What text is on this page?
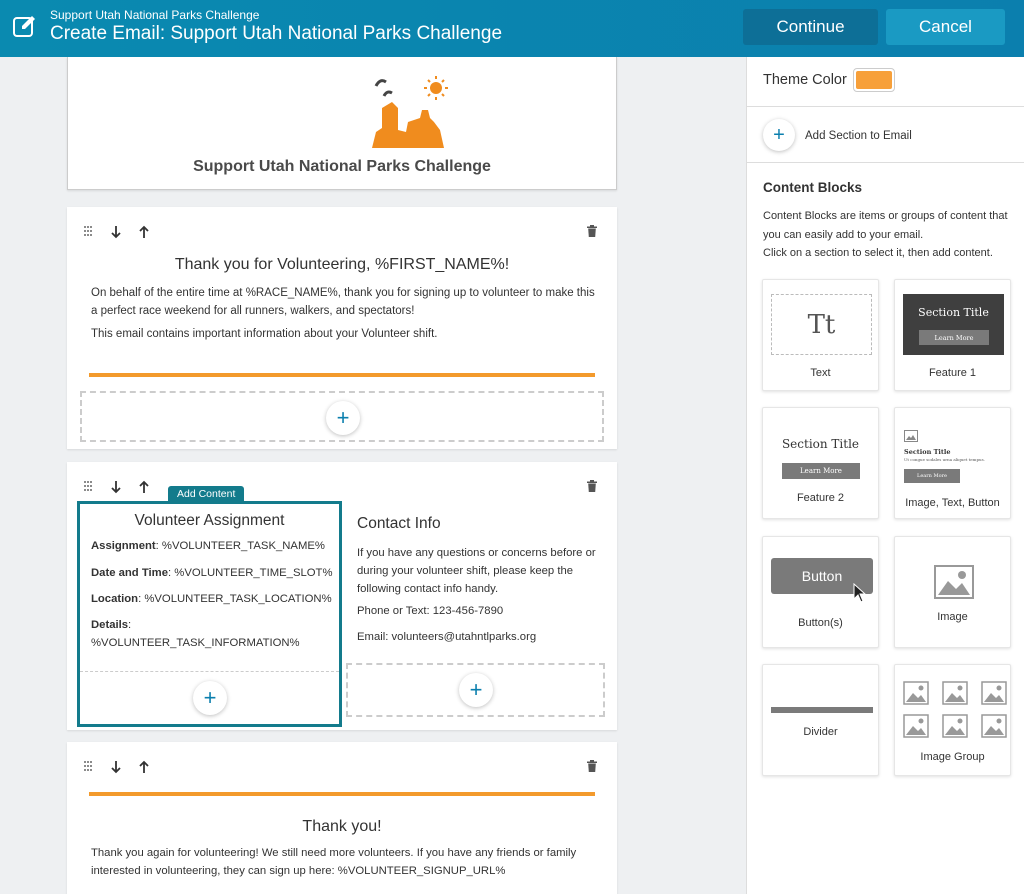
Support Utah National Parks Challenge
Create Email: Support Utah National Parks Challenge	Continue	Cancel
Support Utah National Parks Challenge
Thank you for Volunteering, %FIRST_NAME%!
On behalf of the entire time at %RACE_NAME%, thank you for signing up to volunteer to make this a perfect race weekend for all runners, walkers, and spectators!
This email contains important information about your Volunteer shift.
+
Add Content
Volunteer Assignment
Assignment: %VOLUNTEER_TASK_NAME%
Date and Time: %VOLUNTEER_TIME_SLOT%
Location: %VOLUNTEER_TASK_LOCATION%
Details:
%VOLUNTEER_TASK_INFORMATION%
+
Contact Info
If you have any questions or concerns before or during your volunteer shift, please keep the following contact info handy.
Phone or Text: 123-456-7890
Email: volunteers@utahntlparks.org
+
Thank you!
Thank you again for volunteering! We still need more volunteers. If you have any friends or family interested in volunteering, they can sign up here: %VOLUNTEER_SIGNUP_URL%
Theme Color
+	Add Section to Email
Content Blocks
Content Blocks are items or groups of content that you can easily add to your email.
Click on a section to select it, then add content.
Tt
Text
Section Title
Learn More
Feature 1
Section Title
Learn More
Feature 2
Section Title
Ut congue sodales urna aliquet tempus.
Learn More
Image, Text, Button
Button
Button(s)	Image
Divider
Image Group
